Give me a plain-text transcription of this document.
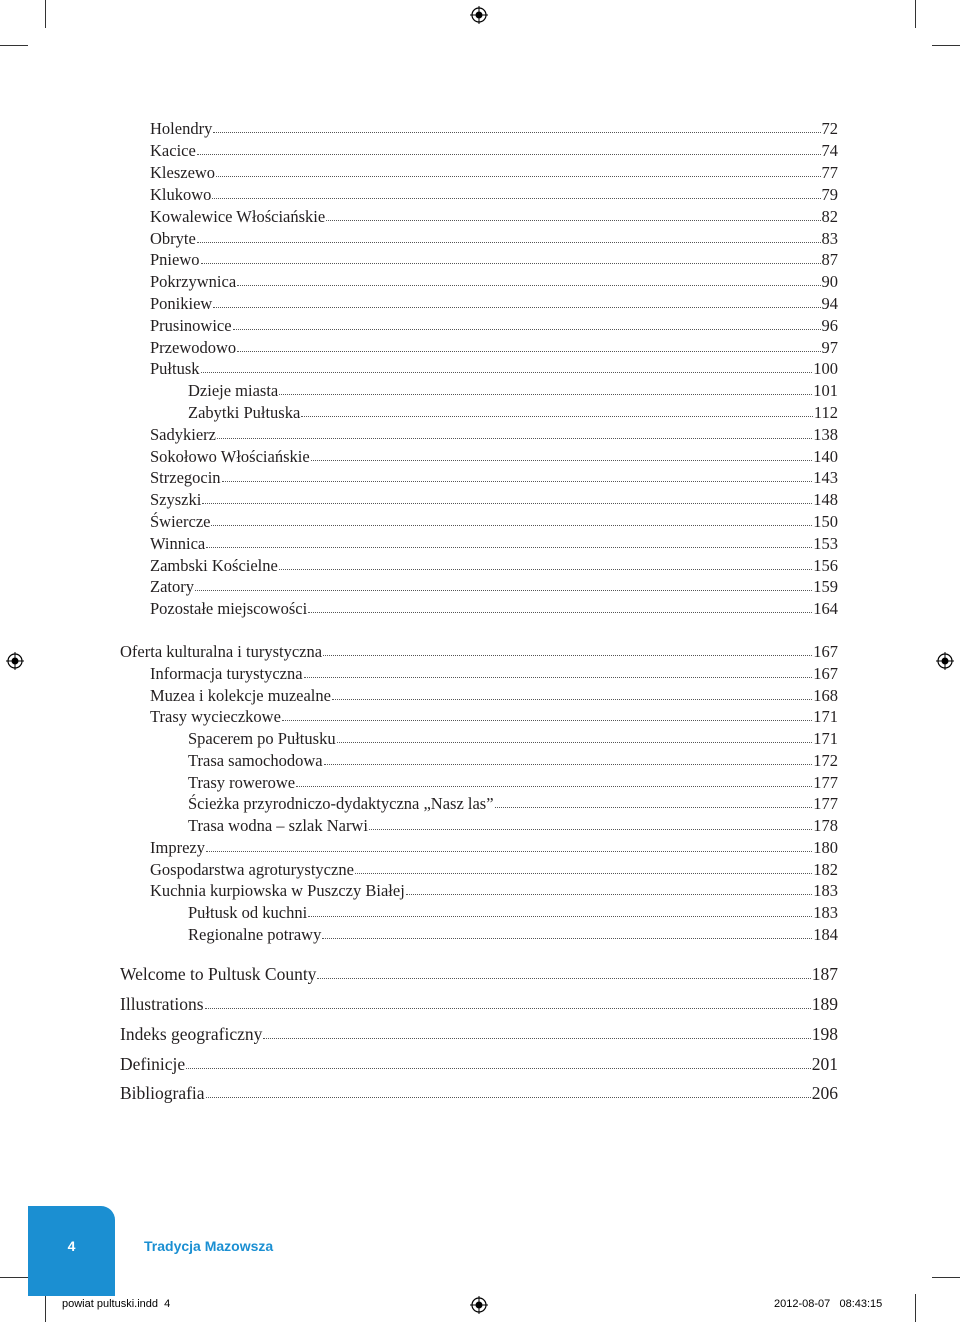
Holendry	72
Kacice	74
Kleszewo	77
Klukowo	79
Kowalewice Włościańskie	82
Obryte	83
Pniewo	87
Pokrzywnica	90
Ponikiew	94
Prusinowice	96
Przewodowo	97
Pułtusk	100
Dzieje miasta	101
Zabytki Pułtuska	112
Sadykierz	138
Sokołowo Włościańskie	140
Strzegocin	143
Szyszki	148
Świercze	150
Winnica	153
Zambski Kościelne	156
Zatory	159
Pozostałe miejscowości	164
Oferta kulturalna i turystyczna	167
Informacja turystyczna	167
Muzea i kolekcje muzealne	168
Trasy wycieczkowe	171
Spacerem po Pułtusku	171
Trasa samochodowa	172
Trasy rowerowe	177
Ścieżka przyrodniczo-dydaktyczna „Nasz las”	177
Trasa wodna – szlak Narwi	178
Imprezy	180
Gospodarstwa agroturystyczne	182
Kuchnia kurpiowska w Puszczy Białej	183
Pułtusk od kuchni	183
Regionalne potrawy	184
Welcome to Pultusk County	187
Illustrations	189
Indeks geograficzny	198
Definicje	201
Bibliografia	206
4	Tradycja Mazowsza
powiat pultuski.indd 4	2012-08-07 08:43:15
